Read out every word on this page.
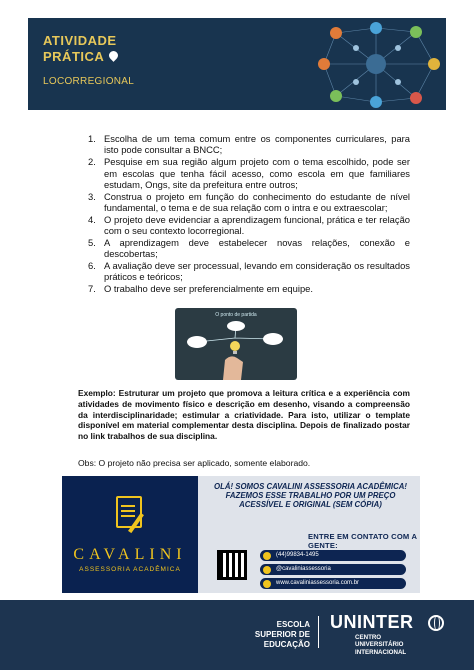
ATIVIDADE
PRÁTICA
LOCORREGIONAL
1. Escolha de um tema comum entre os componentes curriculares, para isto pode consultar a BNCC;
2. Pesquise em sua região algum projeto com o tema escolhido, pode ser em escolas que tenha fácil acesso, como escola em que familiares estudam, Ongs, site da prefeitura entre outros;
3. Construa o projeto em função do conhecimento do estudante de nível fundamental, o tema e de sua relação com o intra e ou extraescolar;
4. O projeto deve evidenciar a aprendizagem funcional, prática e ter relação com o seu contexto locorregional.
5. A aprendizagem deve estabelecer novas relações, conexão e descobertas;
6. A avaliação deve ser processual, levando em consideração os resultados práticos e teóricos;
7. O trabalho deve ser preferencialmente em equipe.
O ponto de partida

Exemplo: Estruturar um projeto que promova a leitura crítica e a experiência com atividades de movimento físico e descrição em desenho, visando a compreensão da interdisciplinaridade; estimular a criatividade. Para isto, utilizar o template disponível em material complementar desta disciplina. Depois de finalizado postar no link trabalhos de sua disciplina.

Obs: O projeto não precisa ser aplicado, somente elaborado.

CAVALINI
ASSESSORIA ACADÊMICA
OLÁ! SOMOS CAVALINI ASSESSORIA ACADÊMICA! FAZEMOS ESSE TRABALHO POR UM PREÇO ACESSÍVEL E ORIGINAL (SEM CÓPIA)
ENTRE EM CONTATO COM A GENTE:
(44)99834-1495
@cavaliniassessoria
www.cavaliniassessoria.com.br
ESCOLA SUPERIOR DE EDUCAÇÃO
UNINTER
CENTRO UNIVERSITÁRIO INTERNACIONAL
